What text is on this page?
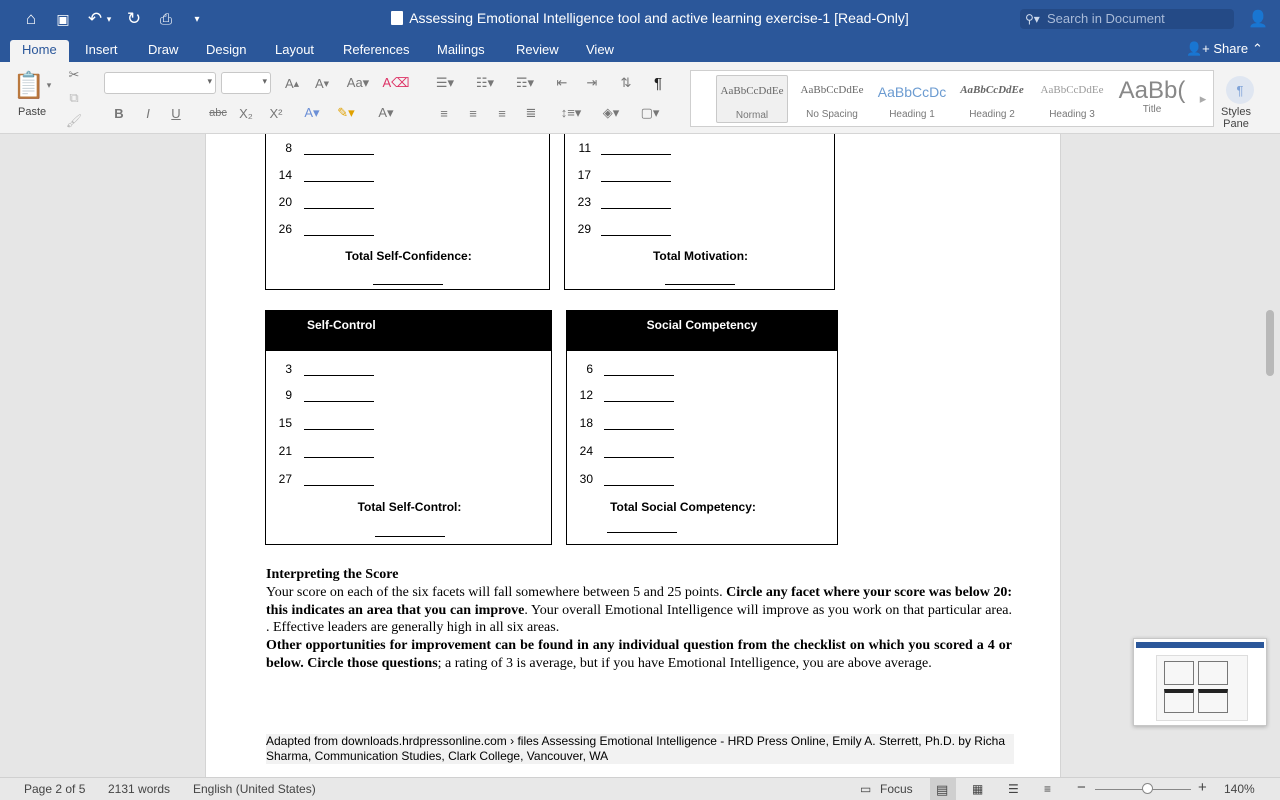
⌂	▣ ↶ ▾ ↻	⎙	▾	Assessing Emotional Intelligence tool and active learning exercise-1 [Read-Only]	⚲▾ Search in Document	👤
Home	Insert Draw Design Layout References Mailings Review View	👤+ Share ⌃
📋 ▾
Paste
✂
⧉
🖌
▾
▾
A ▴	A ▾	Aa▾	A⌫
B	I	U	abc X₂	X²	A▾	✎▾	A▾
☰▾	☷▾	☶▾	⇤	⇥	⇅	¶
≡	≡	≡	≣	↕≡▾	◈▾	▢▾
AaBbCcDdEe
Normal
AaBbCcDdEe
No Spacing
AaBbCcDc
Heading 1
AaBbCcDdEe
Heading 2
AaBbCcDdEe
Heading 3
AaBb(
Title
▸
¶
Styles Pane
8
14
20
26
Total Self-Confidence:
11
17
23
29
Total Motivation:
Self-Control
3
9
15
21
27
Total Self-Control:
Social Competency
6
12
18
24
30
Total Social Competency:
Interpreting the Score
Your score on each of the six facets will fall somewhere between 5 and 25 points. Circle any facet where your score was below 20: this indicates an area that you can improve. Your overall Emotional Intelligence will improve as you work on that particular area. . Effective leaders are generally high in all six areas.
Other opportunities for improvement can be found in any individual question from the checklist on which you scored a 4 or below. Circle those questions; a rating of 3 is average, but if you have Emotional Intelligence, you are above average.
Adapted from downloads.hrdpressonline.com › files Assessing Emotional Intelligence - HRD Press Online, Emily A. Sterrett, Ph.D. by Richa Sharma, Communication Studies, Clark College, Vancouver, WA
Page 2 of 5 2131 words English (United States)	▭ Focus ▤ ▦ ☰ ≡ −	+ 140%
